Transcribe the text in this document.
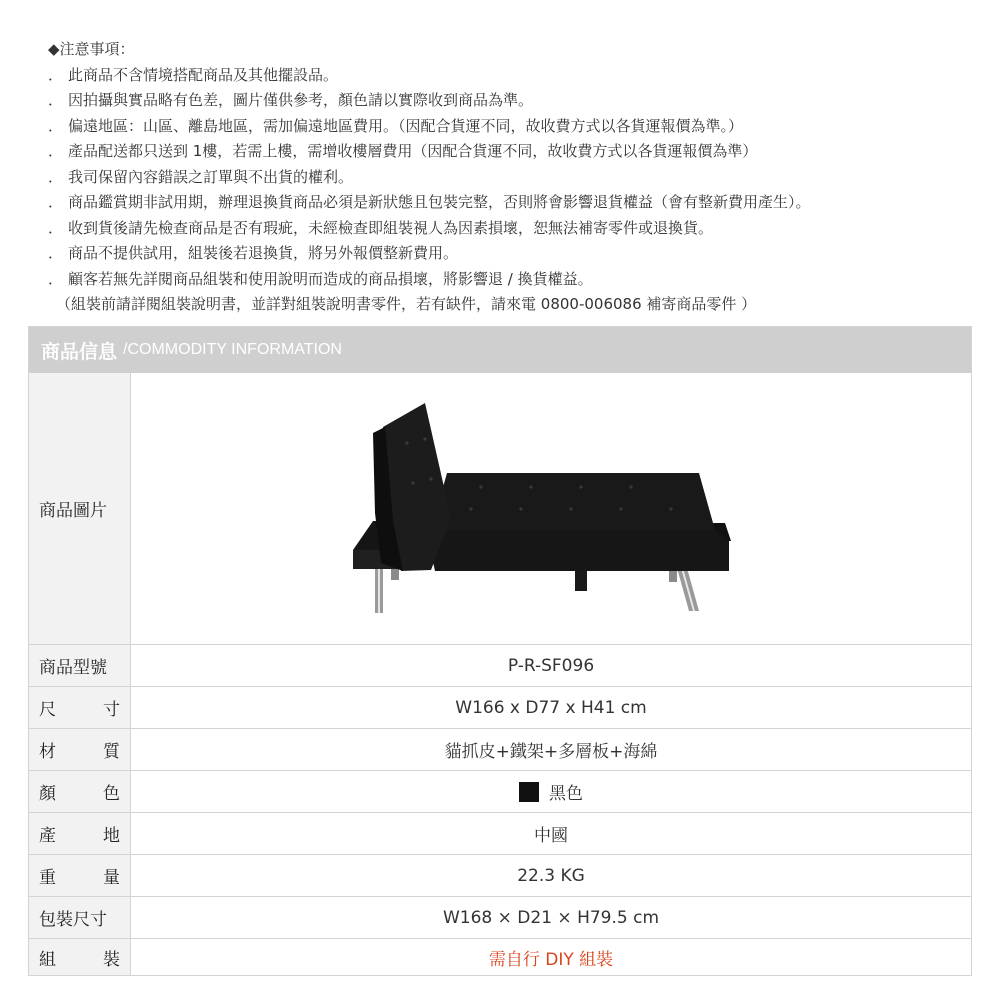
◆注意事項：
． 此商品不含情境搭配商品及其他擺設品。
． 因拍攝與實品略有色差，圖片僅供參考，顏色請以實際收到商品為準。
． 偏遠地區：山區、離島地區，需加偏遠地區費用。（因配合貨運不同，故收費方式以各貨運報價為準。）
． 產品配送都只送到 1樓，若需上樓，需增收樓層費用（因配合貨運不同，故收費方式以各貨運報價為準）
． 我司保留內容錯誤之訂單與不出貨的權利。
． 商品鑑賞期非試用期，辦理退換貨商品必須是新狀態且包裝完整，否則將會影響退貨權益（會有整新費用產生）。
． 收到貨後請先檢查商品是否有瑕疵，未經檢查即組裝視人為因素損壞，恕無法補寄零件或退換貨。
． 商品不提供試用，組裝後若退換貨，將另外報價整新費用。
． 顧客若無先詳閱商品組裝和使用說明而造成的商品損壞，將影響退 / 換貨權益。
（組裝前請詳閱組裝說明書，並詳對組裝說明書零件，若有缺件，請來電 0800-006086 補寄商品零件 ）
商品信息 /COMMODITY INFORMATION
商品圖片
商品型號	P-R-SF096
尺	寸	W166 x D77 x H41 cm
材	質	貓抓皮+鐵架+多層板+海綿
顏	色	黑色
產	地	中國
重	量	22.3 KG
包裝尺寸	W168 × D21 × H79.5 cm
組	裝	需自行 DIY 組裝
